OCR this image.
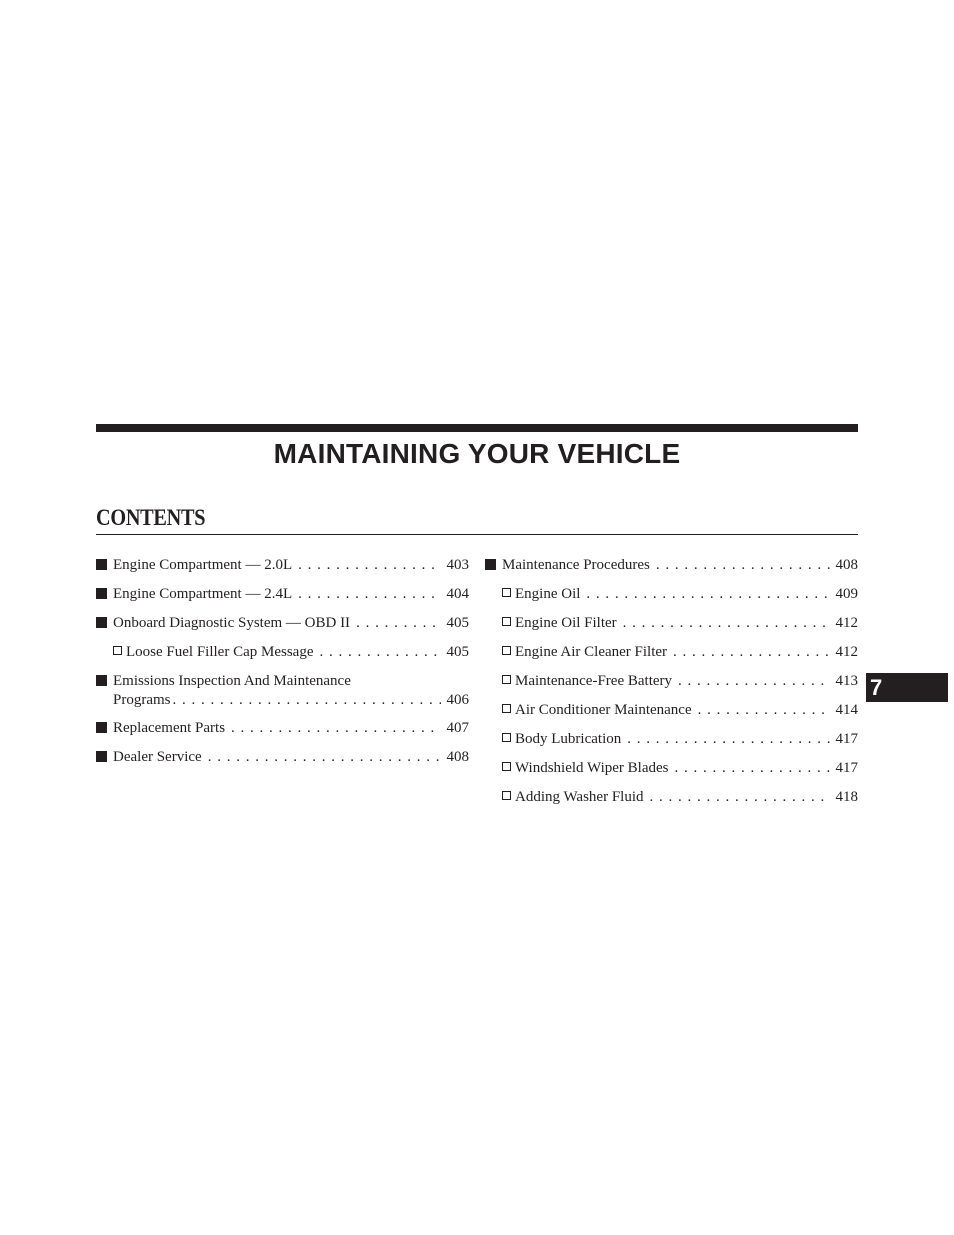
MAINTAINING YOUR VEHICLE
CONTENTS
Engine Compartment — 2.0L . . .	403
Engine Compartment — 2.4L . . .	404
Onboard Diagnostic System — OBD II . . .	405
Loose Fuel Filler Cap Message . . .	405
Emissions Inspection And Maintenance
Programs . . .	406
Replacement Parts . . .	407
Dealer Service . . .	408
Maintenance Procedures . . .	408
Engine Oil . . .	409
Engine Oil Filter . . .	412
Engine Air Cleaner Filter . . .	412
Maintenance-Free Battery . . .	413
Air Conditioner Maintenance . . .	414
Body Lubrication . . .	417
Windshield Wiper Blades . . .	417
Adding Washer Fluid . . .	418
7
